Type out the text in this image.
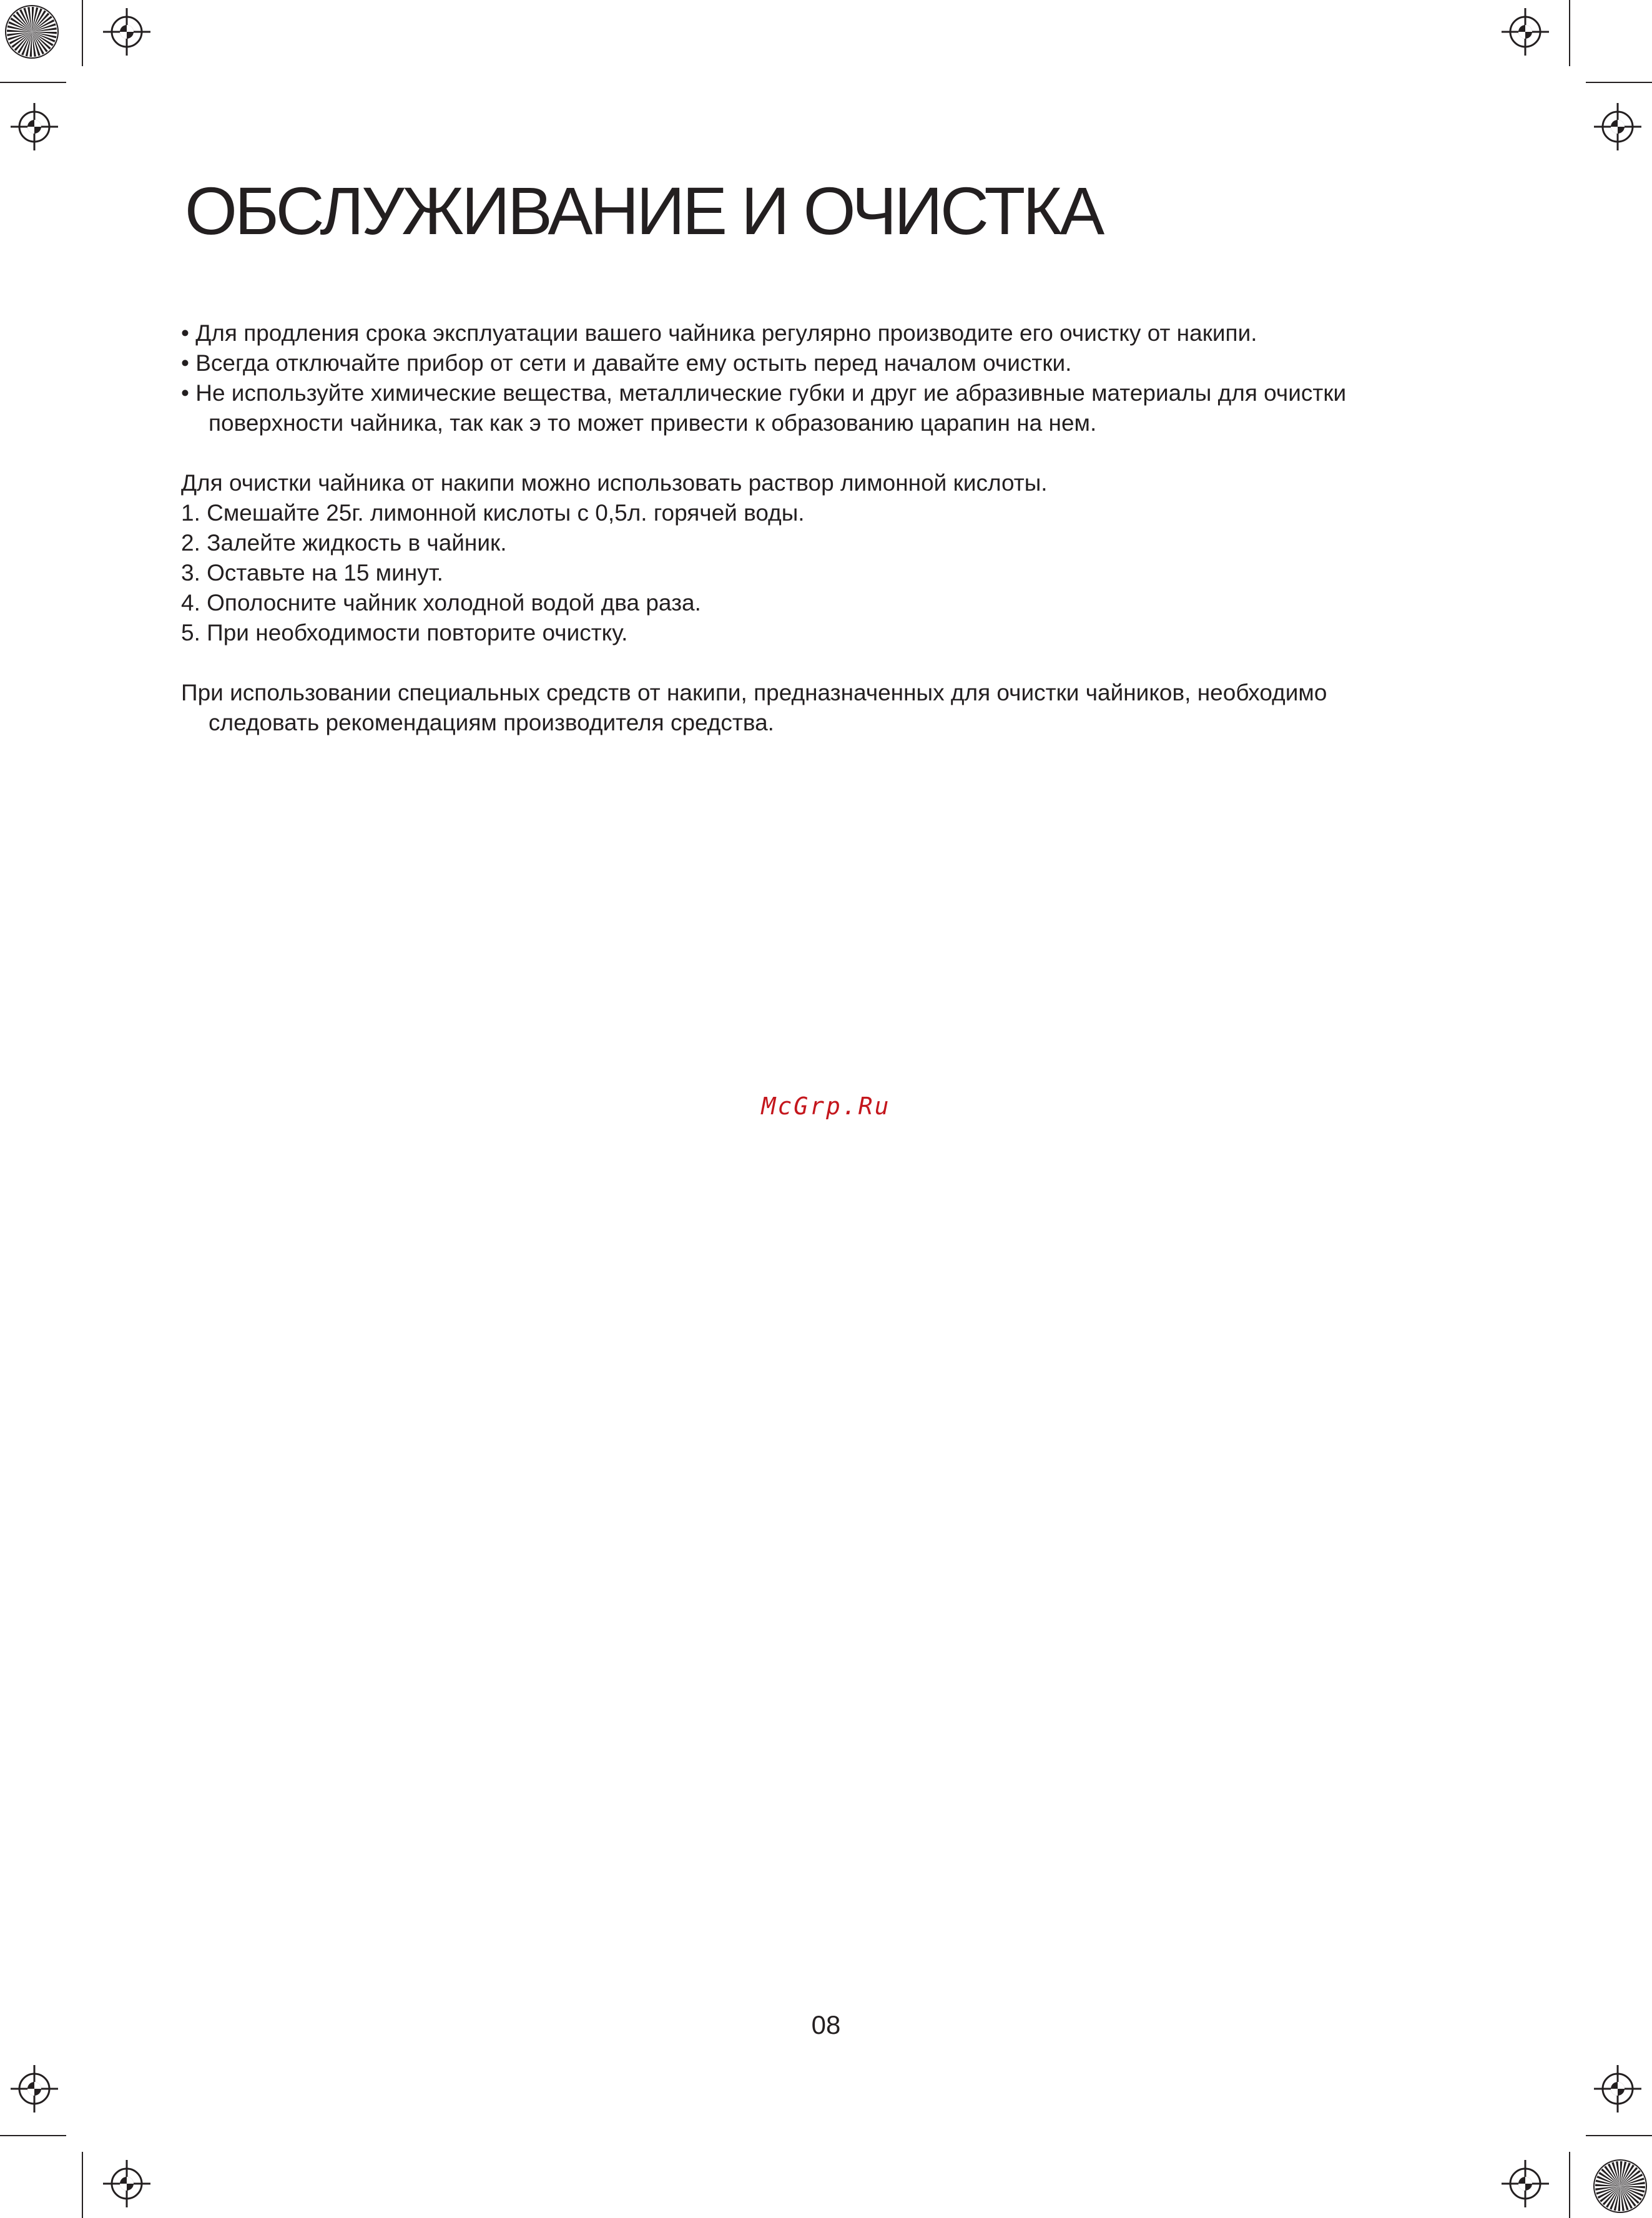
ОБСЛУЖИВАНИЕ И ОЧИСТКА
• Для продления срока эксплуатации вашего чайника регулярно производите его очистку от накипи.
• Всегда отключайте прибор от сети и давайте ему остыть перед началом очистки.
• Не используйте химические вещества, металлические губки и друг ие абразивные материалы для очистки
поверхности чайника, так как э то может привести к образованию царапин на нем.
Для очистки чайника от накипи можно использовать раствор лимонной кислоты.
1. Смешайте 25г. лимонной кислоты с 0,5л. горячей воды.
2. Залейте жидкость в чайник.
3. Оставьте на 15 минут.
4. Ополосните чайник холодной водой два раза.
5. При необходимости повторите очистку.
При использовании специальных средств от накипи, предназначенных для очистки чайников, необходимо
следовать рекомендациям производителя средства.
McGrp.Ru
08
